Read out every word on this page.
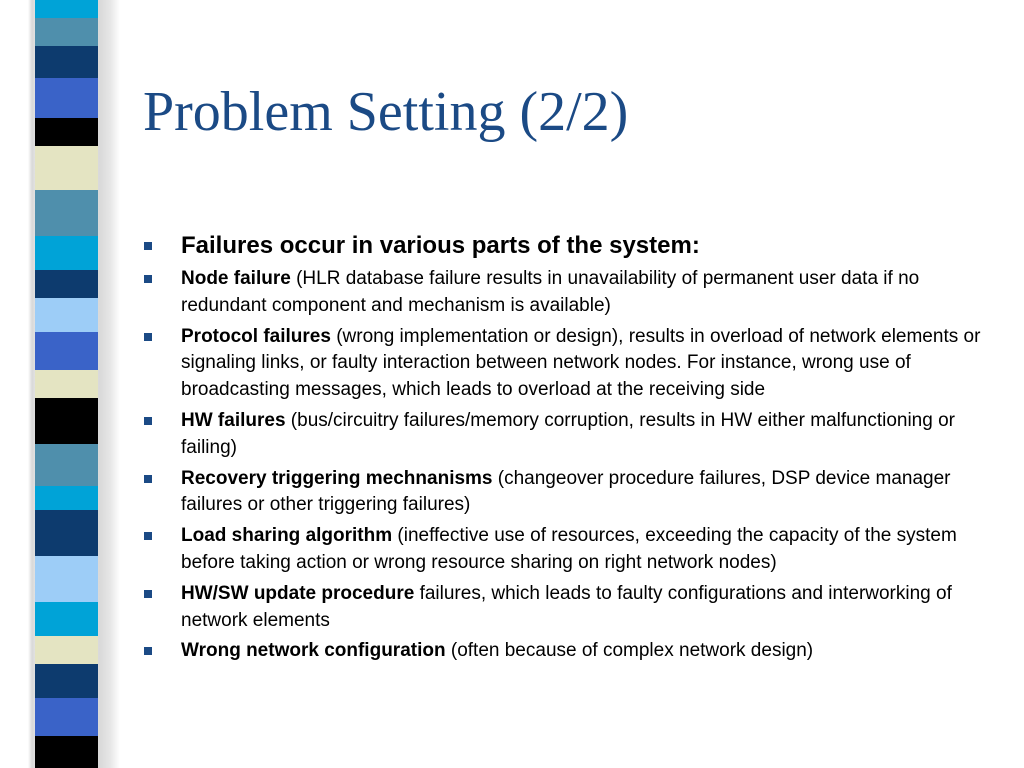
Problem Setting (2/2)
Failures occur in various parts of the system:
Node failure (HLR database failure results in unavailability of permanent user data if no redundant component and mechanism is available)
Protocol failures (wrong implementation or design), results in overload of network elements or signaling links, or faulty interaction between network nodes. For instance, wrong use of broadcasting messages, which leads to overload at the receiving side
HW failures (bus/circuitry failures/memory corruption, results in HW either malfunctioning or failing)
Recovery triggering mechnanisms (changeover procedure failures, DSP device manager failures or other triggering failures)
Load sharing algorithm (ineffective use of resources, exceeding the capacity of the system before taking action or wrong resource sharing on right network nodes)
HW/SW update procedure failures, which leads to faulty configurations and interworking of network elements
Wrong network configuration (often because of complex network design)
